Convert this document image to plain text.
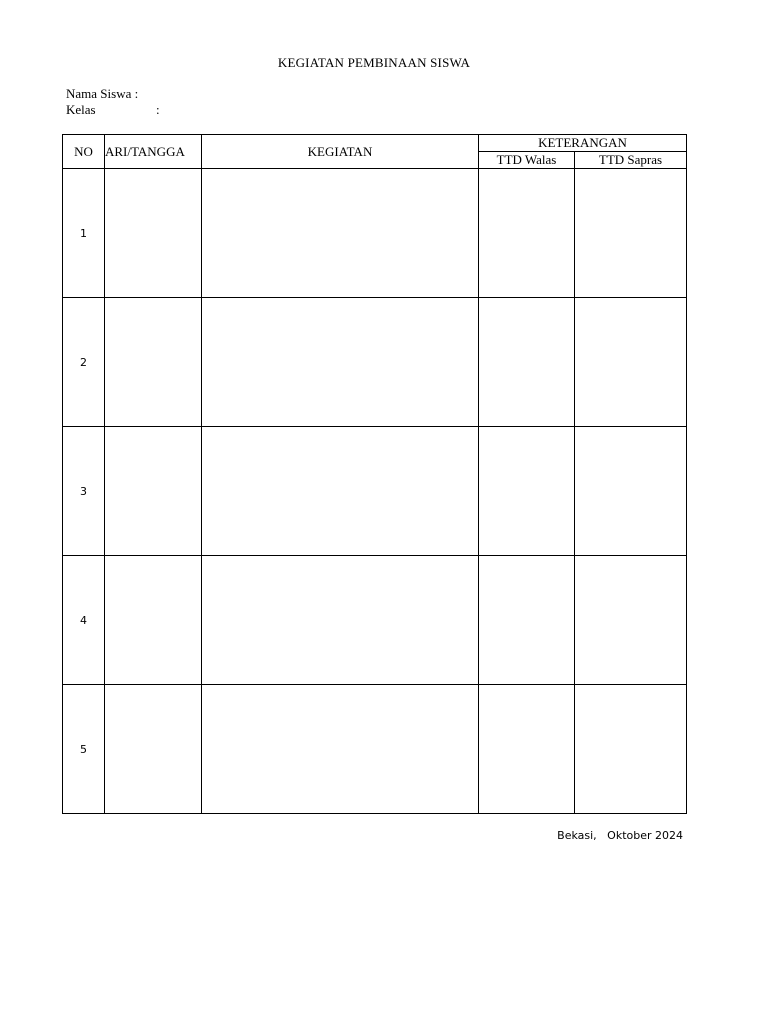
KEGIATAN PEMBINAAN SISWA
Nama Siswa :
Kelas	:
NO	ARI/TANGGA	KEGIATAN	KETERANGAN	
			TTD Walas	TTD Sapras
1				
2				
3				
4				
5				
Bekasi,   Oktober 2024
